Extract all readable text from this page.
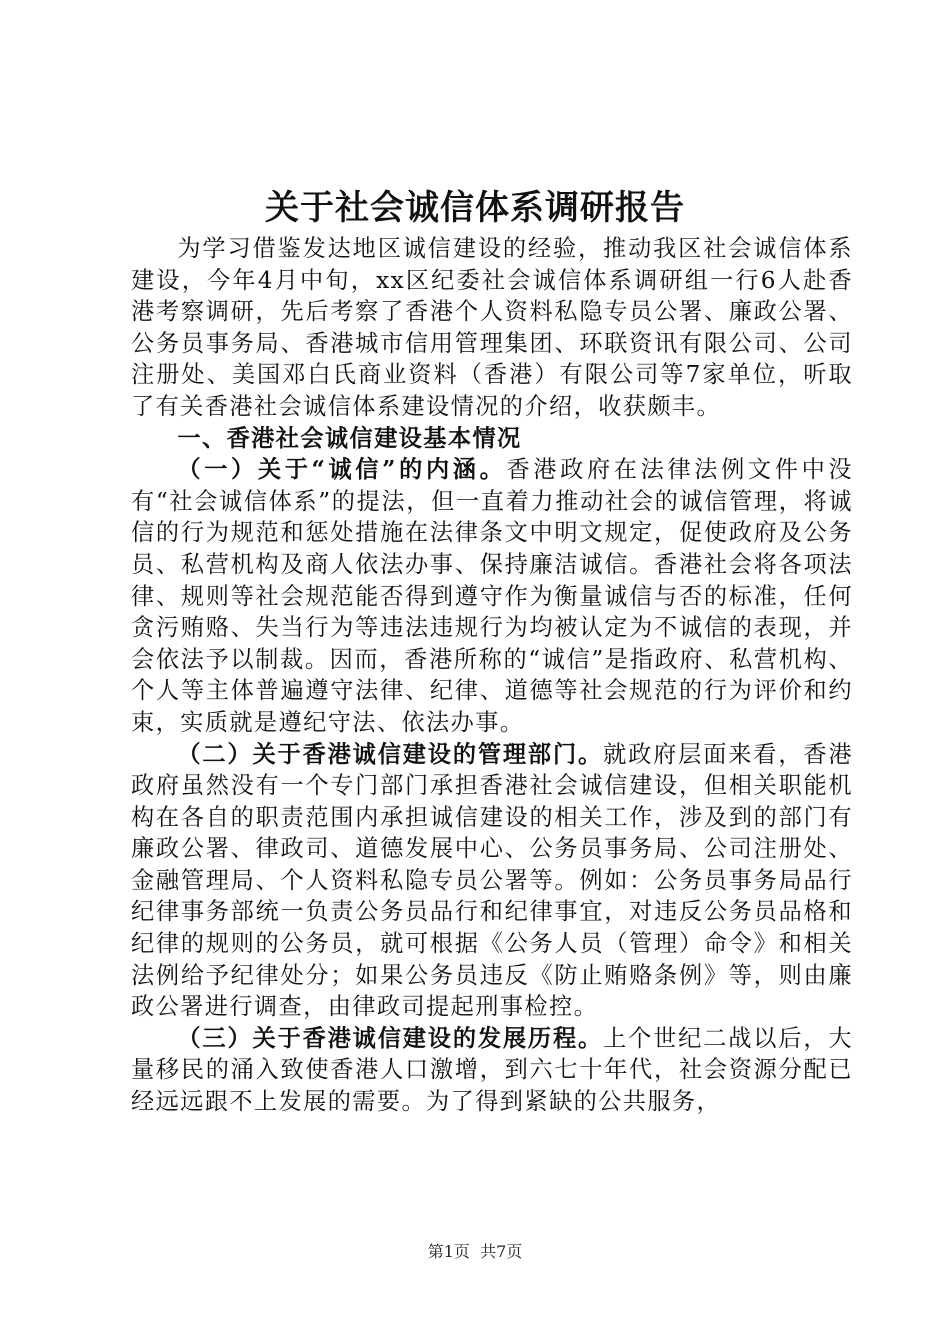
关于社会诚信体系调研报告

为学习借鉴发达地区诚信建设的经验，推动我区社会诚信体系建设，今年4月中旬，xx区纪委社会诚信体系调研组一行6人赴香港考察调研，先后考察了香港个人资料私隐专员公署、廉政公署、公务员事务局、香港城市信用管理集团、环联资讯有限公司、公司注册处、美国邓白氏商业资料（香港）有限公司等7家单位，听取了有关香港社会诚信体系建设情况的介绍，收获颇丰。

一、香港社会诚信建设基本情况

（一）关于“诚信”的内涵。香港政府在法律法例文件中没有“社会诚信体系”的提法，但一直着力推动社会的诚信管理，将诚信的行为规范和惩处措施在法律条文中明文规定，促使政府及公务员、私营机构及商人依法办事、保持廉洁诚信。香港社会将各项法律、规则等社会规范能否得到遵守作为衡量诚信与否的标准，任何贪污贿赂、失当行为等违法违规行为均被认定为不诚信的表现，并会依法予以制裁。因而，香港所称的“诚信”是指政府、私营机构、个人等主体普遍遵守法律、纪律、道德等社会规范的行为评价和约束，实质就是遵纪守法、依法办事。

（二）关于香港诚信建设的管理部门。就政府层面来看，香港政府虽然没有一个专门部门承担香港社会诚信建设，但相关职能机构在各自的职责范围内承担诚信建设的相关工作，涉及到的部门有廉政公署、律政司、道德发展中心、公务员事务局、公司注册处、金融管理局、个人资料私隐专员公署等。例如：公务员事务局品行纪律事务部统一负责公务员品行和纪律事宜，对违反公务员品格和纪律的规则的公务员，就可根据《公务人员（管理）命令》和相关法例给予纪律处分；如果公务员违反《防止贿赂条例》等，则由廉政公署进行调查，由律政司提起刑事检控。

（三）关于香港诚信建设的发展历程。上个世纪二战以后，大量移民的涌入致使香港人口激增，到六七十年代，社会资源分配已经远远跟不上发展的需要。为了得到紧缺的公共服务，

第1页 共7页
